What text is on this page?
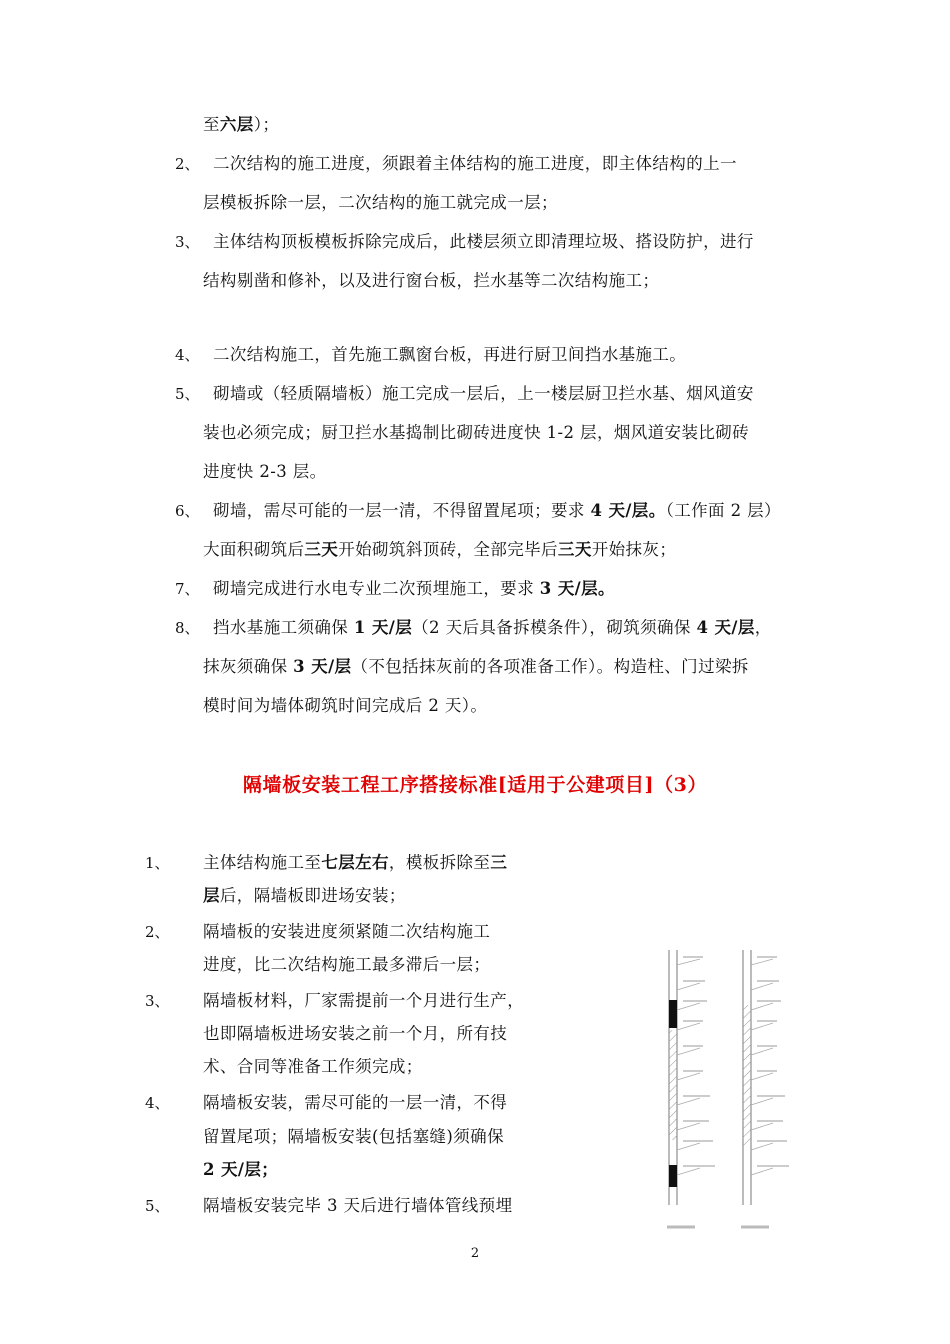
至六层）；
2、 二次结构的施工进度，须跟着主体结构的施工进度，即主体结构的上一
层模板拆除一层，二次结构的施工就完成一层；
3、 主体结构顶板模板拆除完成后，此楼层须立即清理垃圾、搭设防护，进行
结构剔凿和修补，以及进行窗台板，拦水基等二次结构施工；
4、 二次结构施工，首先施工飘窗台板，再进行厨卫间挡水基施工。
5、 砌墙或（轻质隔墙板）施工完成一层后，上一楼层厨卫拦水基、烟风道安
装也必须完成；厨卫拦水基捣制比砌砖进度快 1-2 层，烟风道安装比砌砖
进度快 2-3 层。
6、 砌墙，需尽可能的一层一清，不得留置尾项；要求 4 天/层。（工作面 2 层）
大面积砌筑后三天开始砌筑斜顶砖，全部完毕后三天开始抹灰；
7、 砌墙完成进行水电专业二次预埋施工，要求 3 天/层。
8、 挡水基施工须确保 1 天/层（2 天后具备拆模条件），砌筑须确保 4 天/层，
抹灰须确保 3 天/层（不包括抹灰前的各项准备工作）。构造柱、门过梁拆
模时间为墙体砌筑时间完成后 2 天）。
隔墙板安装工程工序搭接标准[适用于公建项目]（3）
1、 主体结构施工至七层左右，模板拆除至三
层后，隔墙板即进场安装；
2、 隔墙板的安装进度须紧随二次结构施工
进度，比二次结构施工最多滞后一层；
3、 隔墙板材料，厂家需提前一个月进行生产，
也即隔墙板进场安装之前一个月，所有技
术、合同等准备工作须完成；
4、 隔墙板安装，需尽可能的一层一清，不得
留置尾项；隔墙板安装(包括塞缝)须确保
2 天/层；
5、 隔墙板安装完毕 3 天后进行墙体管线预埋
2
